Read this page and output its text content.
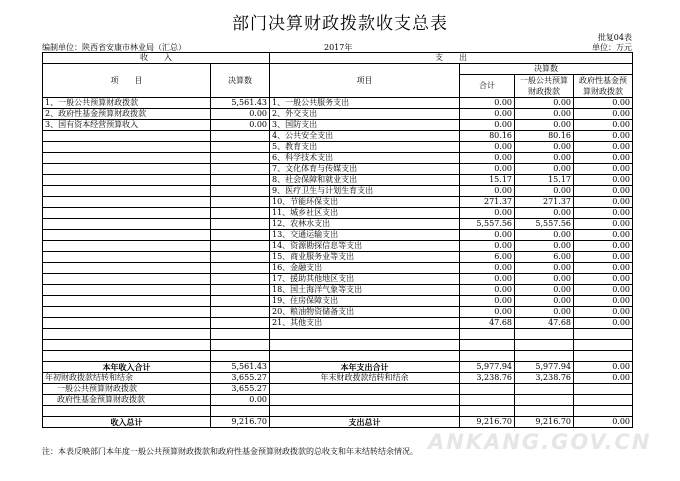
部门决算财政拨款收支总表
批复04表
编制单位：陕西省安康市林业局（汇总）	2017年	单位：万元
收　　入		支　　出			
项　　目	决算数	项目	决算数		
			合计	一般公共预算财政拨款	政府性基金预算财政拨款

1、一般公共预算财政拨款	5,561.43	1、一般公共服务支出	0.00	0.00	0.00
2、政府性基金预算财政拨款	0.00	2、外交支出	0.00	0.00	0.00
3、国有资本经营预算收入	0.00	3、国防支出	0.00	0.00	0.00
		4、公共安全支出	80.16	80.16	0.00
		5、教育支出	0.00	0.00	0.00
		6、科学技术支出	0.00	0.00	0.00
		7、文化体育与传媒支出	0.00	0.00	0.00
		8、社会保障和就业支出	15.17	15.17	0.00
		9、医疗卫生与计划生育支出	0.00	0.00	0.00
		10、节能环保支出	271.37	271.37	0.00
		11、城乡社区支出	0.00	0.00	0.00
		12、农林水支出	5,557.56	5,557.56	0.00
		13、交通运输支出	0.00	0.00	0.00
		14、资源勘探信息等支出	0.00	0.00	0.00
		15、商业服务业等支出	6.00	6.00	0.00
		16、金融支出	0.00	0.00	0.00
		17、援助其他地区支出	0.00	0.00	0.00
		18、国土海洋气象等支出	0.00	0.00	0.00
		19、住房保障支出	0.00	0.00	0.00
		20、粮油物资储备支出	0.00	0.00	0.00
		21、其他支出	47.68	47.68	0.00

本年收入合计	5,561.43	本年支出合计	5,977.94	5,977.94	0.00
年初财政拨款结转和结余	3,655.27	年末财政拨款结转和结余	3,238.76	3,238.76	0.00
一般公共预算财政拨款	3,655.27				
政府性基金预算财政拨款	0.00				

收入总计	9,216.70	支出总计	9,216.70	9,216.70	0.00
注：本表反映部门本年度一般公共预算财政拨款和政府性基金预算财政拨款的总收支和年末结转结余情况。 ANKANG.GOV.CN
